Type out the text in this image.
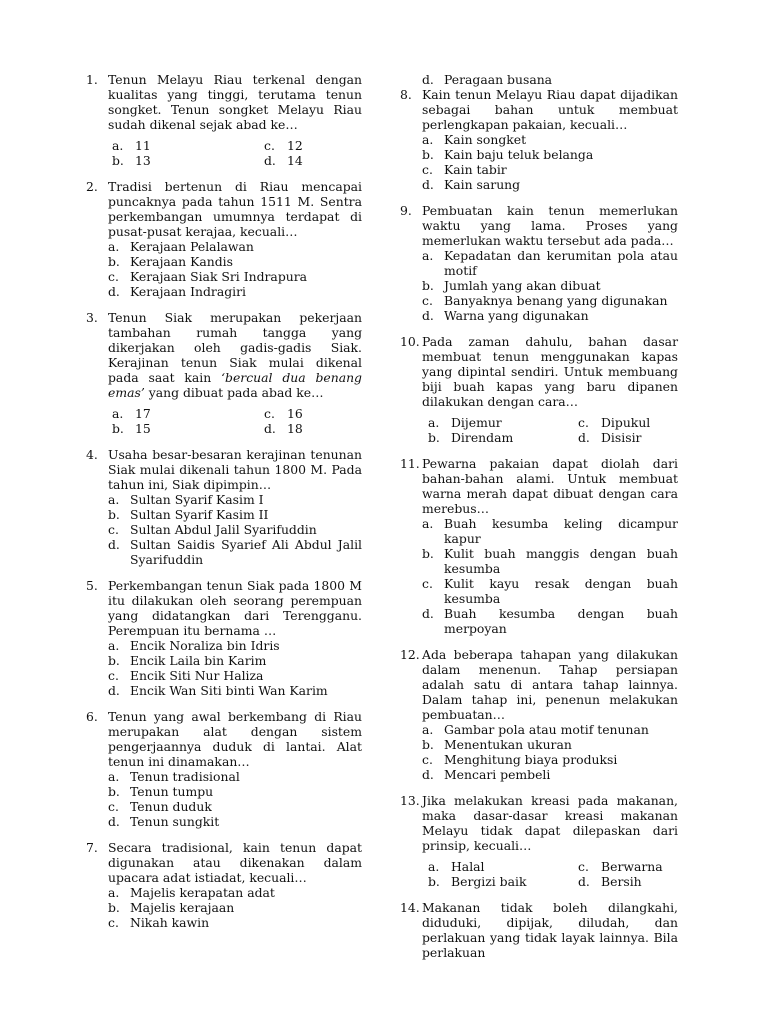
1. Tenun Melayu Riau terkenal dengan kualitas yang tinggi, terutama tenun songket. Tenun songket Melayu Riau sudah dikenal sejak abad ke…
a. 11	c. 12
b. 13	d. 14
2. Tradisi bertenun di Riau mencapai puncaknya pada tahun 1511 M. Sentra perkembangan umumnya terdapat di pusat-pusat kerajaa, kecuali…
a. Kerajaan Pelalawan
b. Kerajaan Kandis
c. Kerajaan Siak Sri Indrapura
d. Kerajaan Indragiri
3. Tenun Siak merupakan pekerjaan tambahan rumah tangga yang dikerjakan oleh gadis-gadis Siak. Kerajinan tenun Siak mulai dikenal pada saat kain ‘bercual dua benang emas’ yang dibuat pada abad ke…
a. 17	c. 16
b. 15	d. 18
4. Usaha besar-besaran kerajinan tenunan Siak mulai dikenali tahun 1800 M. Pada tahun ini, Siak dipimpin…
a. Sultan Syarif Kasim I
b. Sultan Syarif Kasim II
c. Sultan Abdul Jalil Syarifuddin
d. Sultan Saidis Syarief Ali Abdul Jalil Syarifuddin
5. Perkembangan tenun Siak pada 1800 M itu dilakukan oleh seorang perempuan yang didatangkan dari Terengganu. Perempuan itu bernama …
a. Encik Noraliza bin Idris
b. Encik Laila bin Karim
c. Encik Siti Nur Haliza
d. Encik Wan Siti binti Wan Karim
6. Tenun yang awal berkembang di Riau merupakan alat dengan sistem pengerjaannya duduk di lantai. Alat tenun ini dinamakan…
a. Tenun tradisional
b. Tenun tumpu
c. Tenun duduk
d. Tenun sungkit
7. Secara tradisional, kain tenun dapat digunakan atau dikenakan dalam upacara adat istiadat, kecuali…
a. Majelis kerapatan adat
b. Majelis kerajaan
c. Nikah kawin
d. Peragaan busana
8. Kain tenun Melayu Riau dapat dijadikan sebagai bahan untuk membuat perlengkapan pakaian, kecuali…
a. Kain songket
b. Kain baju teluk belanga
c. Kain tabir
d. Kain sarung
9. Pembuatan kain tenun memerlukan waktu yang lama. Proses yang memerlukan waktu tersebut ada pada…
a. Kepadatan dan kerumitan pola atau motif
b. Jumlah yang akan dibuat
c. Banyaknya benang yang digunakan
d. Warna yang digunakan
10. Pada zaman dahulu, bahan dasar membuat tenun menggunakan kapas yang dipintal sendiri. Untuk membuang biji buah kapas yang baru dipanen dilakukan dengan cara…
a. Dijemur	c. Dipukul
b. Direndam	d. Disisir
11. Pewarna pakaian dapat diolah dari bahan-bahan alami. Untuk membuat warna merah dapat dibuat dengan cara merebus…
a. Buah kesumba keling dicampur kapur
b. Kulit buah manggis dengan buah kesumba
c. Kulit kayu resak dengan buah kesumba
d. Buah kesumba dengan buah merpoyan
12. Ada beberapa tahapan yang dilakukan dalam menenun. Tahap persiapan adalah satu di antara tahap lainnya. Dalam tahap ini, penenun melakukan pembuatan…
a. Gambar pola atau motif tenunan
b. Menentukan ukuran
c. Menghitung biaya produksi
d. Mencari pembeli
13. Jika melakukan kreasi pada makanan, maka dasar-dasar kreasi makanan Melayu tidak dapat dilepaskan dari prinsip, kecuali…
a. Halal	c. Berwarna
b. Bergizi baik	d. Bersih
14. Makanan tidak boleh dilangkahi, diduduki, dipijak, diludah, dan perlakuan yang tidak layak lainnya. Bila perlakuan
